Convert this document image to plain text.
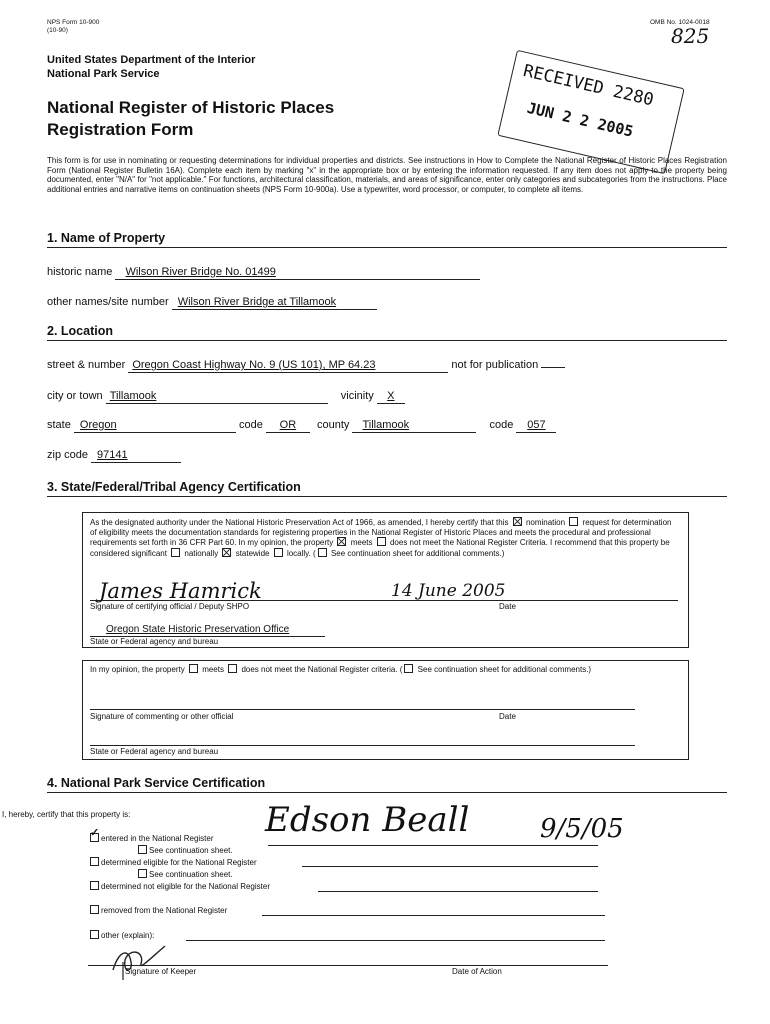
NPS Form 10-900
(10-90)
OMB No. 1024-0018
825
United States Department of the Interior
National Park Service
National Register of Historic Places
Registration Form
RECEIVED 2280
JUN 2 2 2005
This form is for use in nominating or requesting determinations for individual properties and districts. See instructions in How to Complete the National Register of Historic Places Registration Form (National Register Bulletin 16A). Complete each item by marking "x" in the appropriate box or by entering the information requested. If any item does not apply to the property being documented, enter "N/A" for "not applicable." For functions, architectural classification, materials, and areas of significance, enter only categories and subcategories from the instructions. Place additional entries and narrative items on continuation sheets (NPS Form 10-900a). Use a typewriter, word processor, or computer, to complete all items.
1. Name of Property
historic name Wilson River Bridge No. 01499
other names/site number Wilson River Bridge at Tillamook
2. Location
street & number Oregon Coast Highway No. 9 (US 101), MP 64.23	not for publication
city or town Tillamook	vicinity X
state Oregon	code OR county Tillamook	code 057
zip code 97141
3. State/Federal/Tribal Agency Certification
As the designated authority under the National Historic Preservation Act of 1966, as amended, I hereby certify that this nomination request for determination of eligibility meets the documentation standards for registering properties in the National Register of Historic Places and meets the procedural and professional requirements set forth in 36 CFR Part 60. In my opinion, the property meets does not meet the National Register Criteria. I recommend that this property be considered significant nationally statewide locally. ( See continuation sheet for additional comments.)
James Hamrick	14 June 2005
Signature of certifying official / Deputy SHPO	Date
Oregon State Historic Preservation Office
State or Federal agency and bureau
In my opinion, the property meets does not meet the National Register criteria. ( See continuation sheet for additional comments.)
Signature of commenting or other official	Date
State or Federal agency and bureau
4. National Park Service Certification
I, hereby, certify that this property is:	Edson Beall	9/5/05
✓entered in the National Register
See continuation sheet.
determined eligible for the National Register
See continuation sheet.
determined not eligible for the National Register
removed from the National Register
other (explain):
Signature of Keeper	Date of Action
